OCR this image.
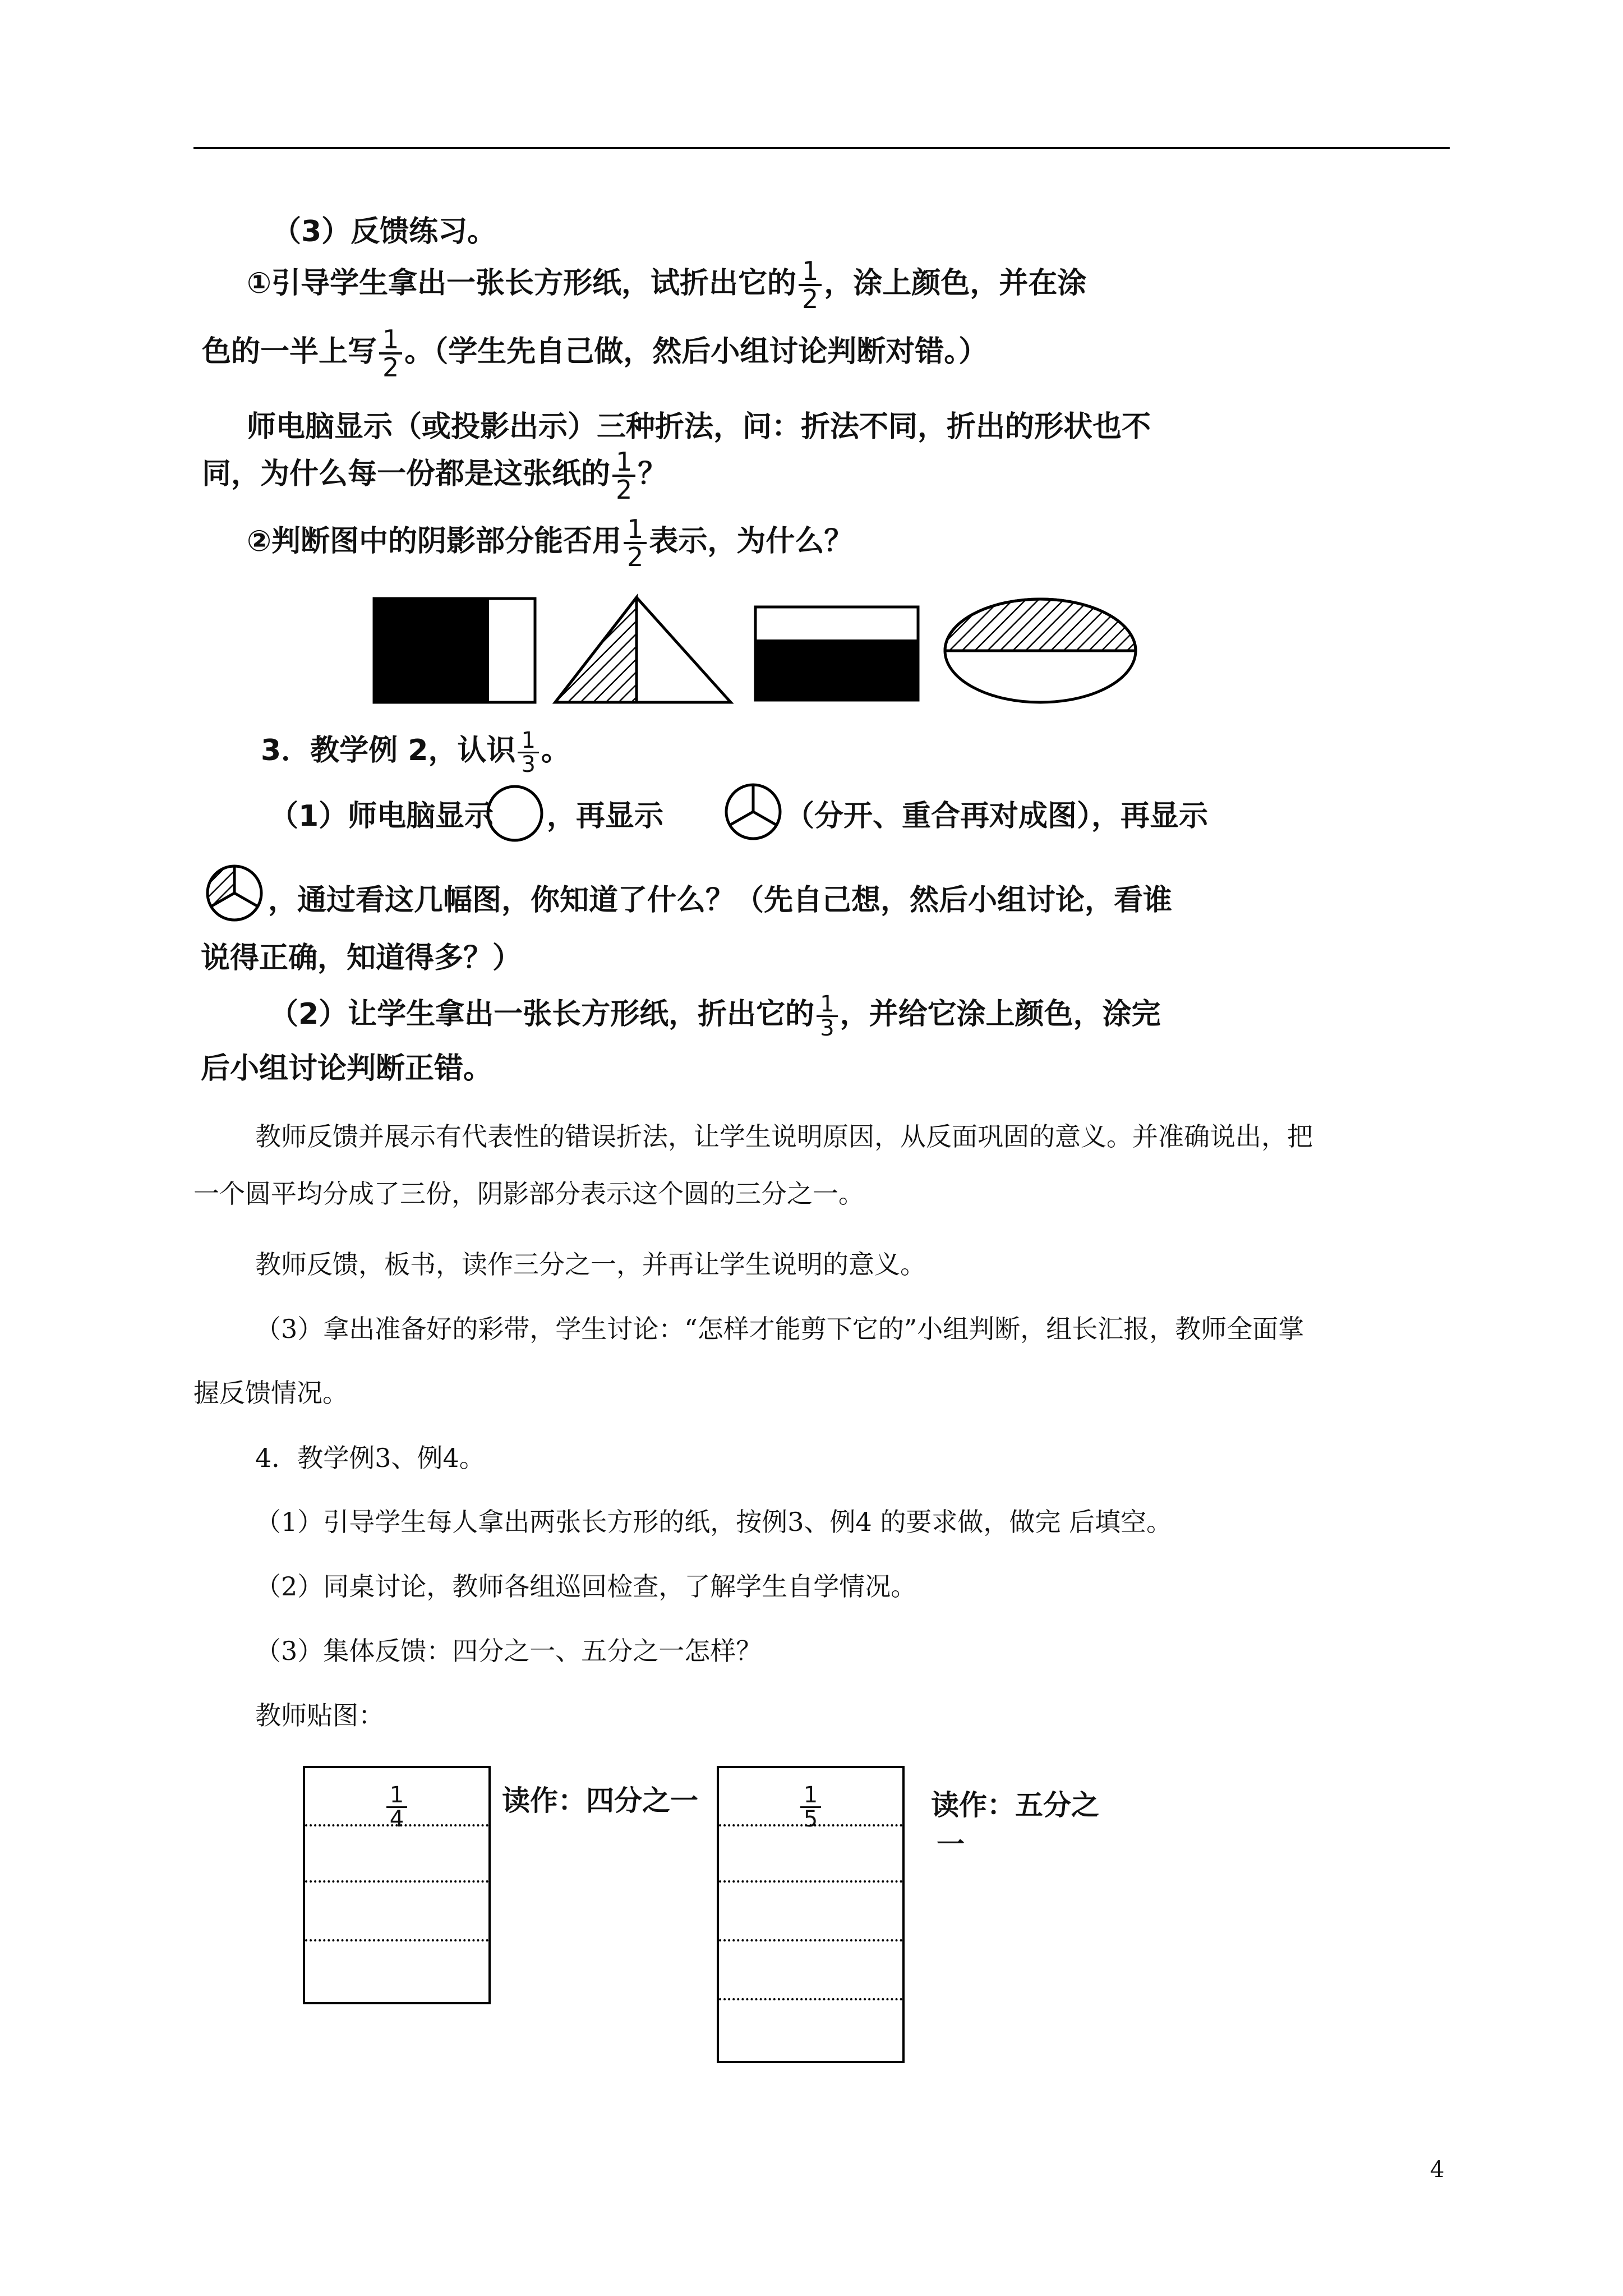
（3）反馈练习。
①引导学生拿出一张长方形纸，试折出它的 $\frac{1}{2}$ ，涂上颜色，并在涂
色的一半上写 $\frac{1}{2}$ 。（学生先自己做，然后小组讨论判断对错。）
师电脑显示（或投影出示）三种折法，问：折法不同，折出的形状也不
同，为什么每一份都是这张纸的 $\frac{1}{2}$ ？
②判断图中的阴影部分能否用 $\frac{1}{2}$ 表示，为什么？
3．教学例 2，认识 $\frac{1}{3}$ 。
（1）师电脑显示 ，再显示	（分开、重合再对成图），再显示
，通过看这几幅图，你知道了什么？（先自己想，然后小组讨论，看谁
说得正确，知道得多？）
（2）让学生拿出一张长方形纸，折出它的 $\frac{1}{3}$ ，并给它涂上颜色，涂完
后小组讨论判断正错。
教师反馈并展示有代表性的错误折法，让学生说明原因，从反面巩固的意义。并准确说出，把
一个圆平均分成了三份，阴影部分表示这个圆的三分之一。
教师反馈，板书，读作三分之一，并再让学生说明的意义。
（3）拿出准备好的彩带，学生讨论：“怎样才能剪下它的”小组判断，组长汇报，教师全面掌
握反馈情况。
4．教学例3、例4。
（1）引导学生每人拿出两张长方形的纸，按例3、例4 的要求做，做完 后填空。
（2）同桌讨论，教师各组巡回检查，了解学生自学情况。
（3）集体反馈：四分之一、五分之一怎样？
教师贴图：
$\frac{1}{4}$	读作：四分之一	$\frac{1}{5}$	读作：五分之
一
4
